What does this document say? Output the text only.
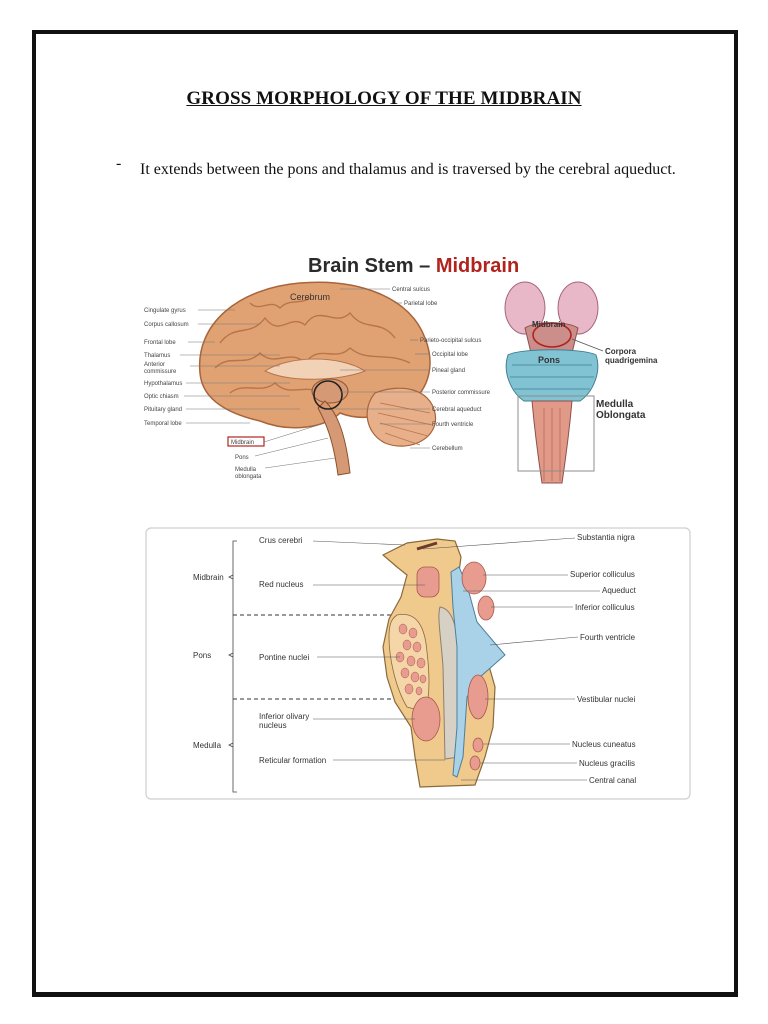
GROSS MORPHOLOGY OF THE MIDBRAIN
- It extends between the pons and thalamus and is traversed by the cerebral aqueduct.
Brain Stem – Midbrain
Cerebrum
Cingulate gyrus
Corpus callosum
Frontal lobe
Thalamus
Anterior
commissure
Hypothalamus
Optic chiasm
Pituitary gland
Temporal lobe
Central sulcus
Parietal lobe
Parieto-occipital sulcus
Occipital lobe
Pineal gland
Posterior commissure
Cerebral aqueduct
Fourth ventricle
Cerebellum
Midbrain
Pons
Medulla
oblongata
Midbrain
Pons
Corpora
quadrigemina
Medulla
Oblongata
Midbrain
Pons
Medulla
Crus cerebri
Red nucleus
Pontine nuclei
Inferior olivary
nucleus
Reticular formation
Substantia nigra
Superior colliculus
Aqueduct
Inferior colliculus
Fourth ventricle
Vestibular nuclei
Nucleus cuneatus
Nucleus gracilis
Central canal
